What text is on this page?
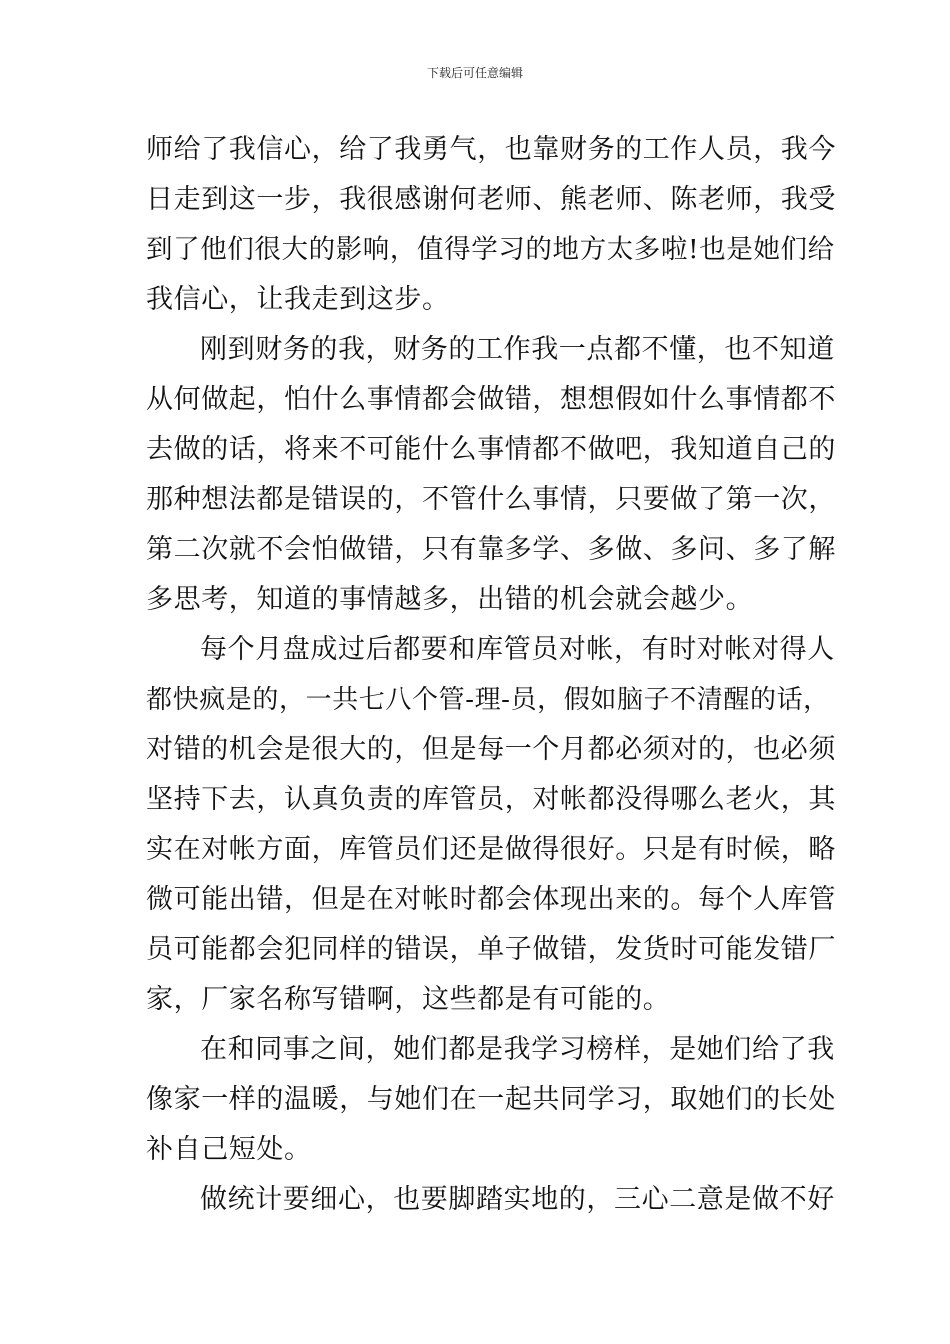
下载后可任意编辑
师给了我信心，给了我勇气，也靠财务的工作人员，我今
日走到这一步，我很感谢何老师、熊老师、陈老师，我受
到了他们很大的影响，值得学习的地方太多啦!也是她们给
我信心，让我走到这步。
刚到财务的我，财务的工作我一点都不懂，也不知道
从何做起，怕什么事情都会做错，想想假如什么事情都不
去做的话，将来不可能什么事情都不做吧，我知道自己的
那种想法都是错误的，不管什么事情，只要做了第一次，
第二次就不会怕做错，只有靠多学、多做、多问、多了解
多思考，知道的事情越多，出错的机会就会越少。
每个月盘成过后都要和库管员对帐，有时对帐对得人
都快疯是的，一共七八个管-理-员，假如脑子不清醒的话，
对错的机会是很大的，但是每一个月都必须对的，也必须
坚持下去，认真负责的库管员，对帐都没得哪么老火，其
实在对帐方面，库管员们还是做得很好。只是有时候，略
微可能出错，但是在对帐时都会体现出来的。每个人库管
员可能都会犯同样的错误，单子做错，发货时可能发错厂
家，厂家名称写错啊，这些都是有可能的。
在和同事之间，她们都是我学习榜样，是她们给了我
像家一样的温暖，与她们在一起共同学习，取她们的长处
补自己短处。
做统计要细心，也要脚踏实地的，三心二意是做不好
